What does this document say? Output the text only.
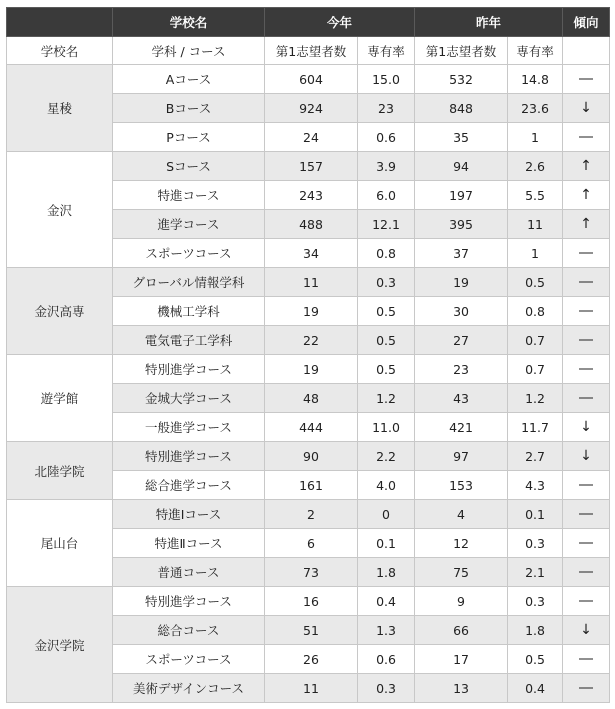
	学校名	今年		昨年		傾向
学校名	学科 / コース	第1志望者数	専有率	第1志望者数	専有率	
星稜	Aコース	604	15.0	532	14.8	―
	Bコース	924	23	848	23.6	↓
	Pコース	24	0.6	35	1	―
金沢	Sコース	157	3.9	94	2.6	↑
	特進コース	243	6.0	197	5.5	↑
	進学コース	488	12.1	395	11	↑
	スポーツコース	34	0.8	37	1	―
金沢高専	グローバル情報学科	11	0.3	19	0.5	―
	機械工学科	19	0.5	30	0.8	―
	電気電子工学科	22	0.5	27	0.7	―
遊学館	特別進学コース	19	0.5	23	0.7	―
	金城大学コース	48	1.2	43	1.2	―
	一般進学コース	444	11.0	421	11.7	↓
北陸学院	特別進学コース	90	2.2	97	2.7	↓
	総合進学コース	161	4.0	153	4.3	―
尾山台	特進Ⅰコース	2	0	4	0.1	―
	特進Ⅱコース	6	0.1	12	0.3	―
	普通コース	73	1.8	75	2.1	―
金沢学院	特別進学コース	16	0.4	9	0.3	―
	総合コース	51	1.3	66	1.8	↓
	スポーツコース	26	0.6	17	0.5	―
	美術デザインコース	11	0.3	13	0.4	―
